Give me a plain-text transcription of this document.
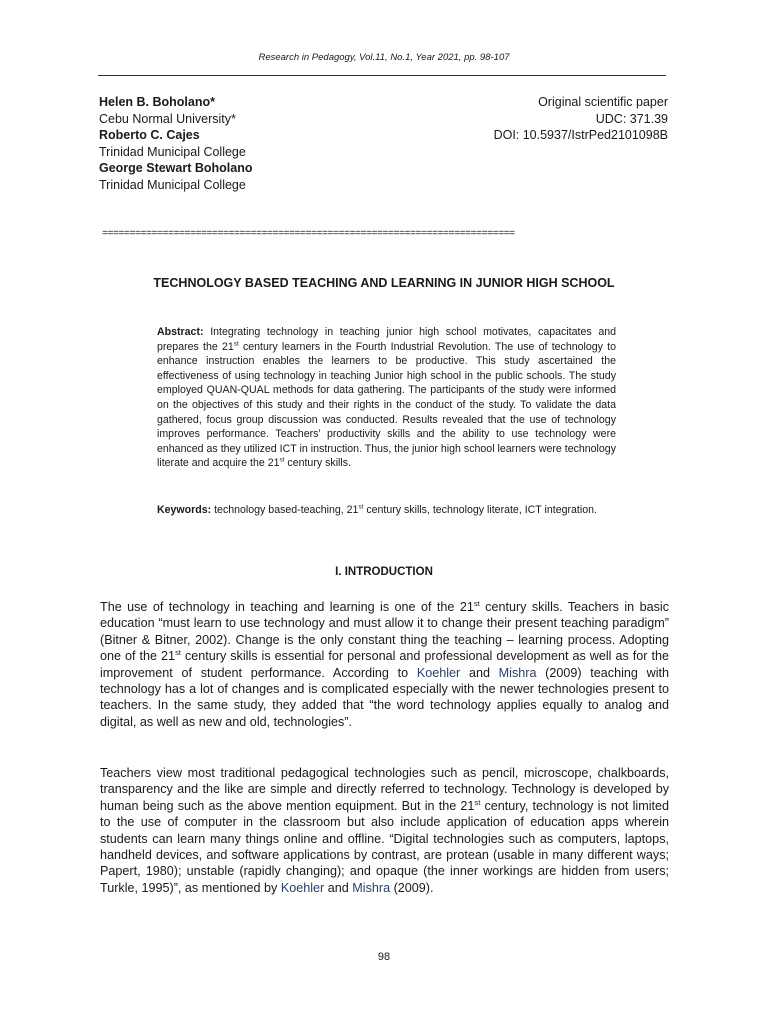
Research in Pedagogy, Vol.11, No.1, Year 2021, pp. 98-107
Helen B. Boholano*
Cebu Normal University*
Roberto C. Cajes
Trinidad Municipal College
George Stewart Boholano
Trinidad Municipal College
Original scientific paper
UDC: 371.39
DOI: 10.5937/IstrPed2101098B
===========================================================================
TECHNOLOGY BASED TEACHING AND LEARNING IN JUNIOR HIGH SCHOOL
Abstract: Integrating technology in teaching junior high school motivates, capacitates and prepares the 21st century learners in the Fourth Industrial Revolution. The use of technology to enhance instruction enables the learners to be productive. This study ascertained the effectiveness of using technology in teaching Junior high school in the public schools. The study employed QUAN-QUAL methods for data gathering. The participants of the study were informed on the objectives of this study and their rights in the conduct of the study. To validate the data gathered, focus group discussion was conducted. Results revealed that the use of technology improves performance. Teachers’ productivity skills and the ability to use technology were enhanced as they utilized ICT in instruction. Thus, the junior high school learners were technology literate and acquire the 21st century skills.
Keywords: technology based-teaching, 21st century skills, technology literate, ICT integration.
I. INTRODUCTION
The use of technology in teaching and learning is one of the 21st century skills. Teachers in basic education “must learn to use technology and must allow it to change their present teaching paradigm” (Bitner & Bitner, 2002). Change is the only constant thing the teaching – learning process. Adopting one of the 21st century skills is essential for personal and professional development as well as for the improvement of student performance. According to Koehler and Mishra (2009) teaching with technology has a lot of changes and is complicated especially with the newer technologies present to teachers. In the same study, they added that “the word technology applies equally to analog and digital, as well as new and old, technologies”.
Teachers view most traditional pedagogical technologies such as pencil, microscope, chalkboards, transparency and the like are simple and directly referred to technology. Technology is developed by human being such as the above mention equipment. But in the 21st century, technology is not limited to the use of computer in the classroom but also include application of education apps wherein students can learn many things online and offline. “Digital technologies such as computers, laptops, handheld devices, and software applications by contrast, are protean (usable in many different ways; Papert, 1980); unstable (rapidly changing); and opaque (the inner workings are hidden from users; Turkle, 1995)”, as mentioned by Koehler and Mishra (2009).
98
